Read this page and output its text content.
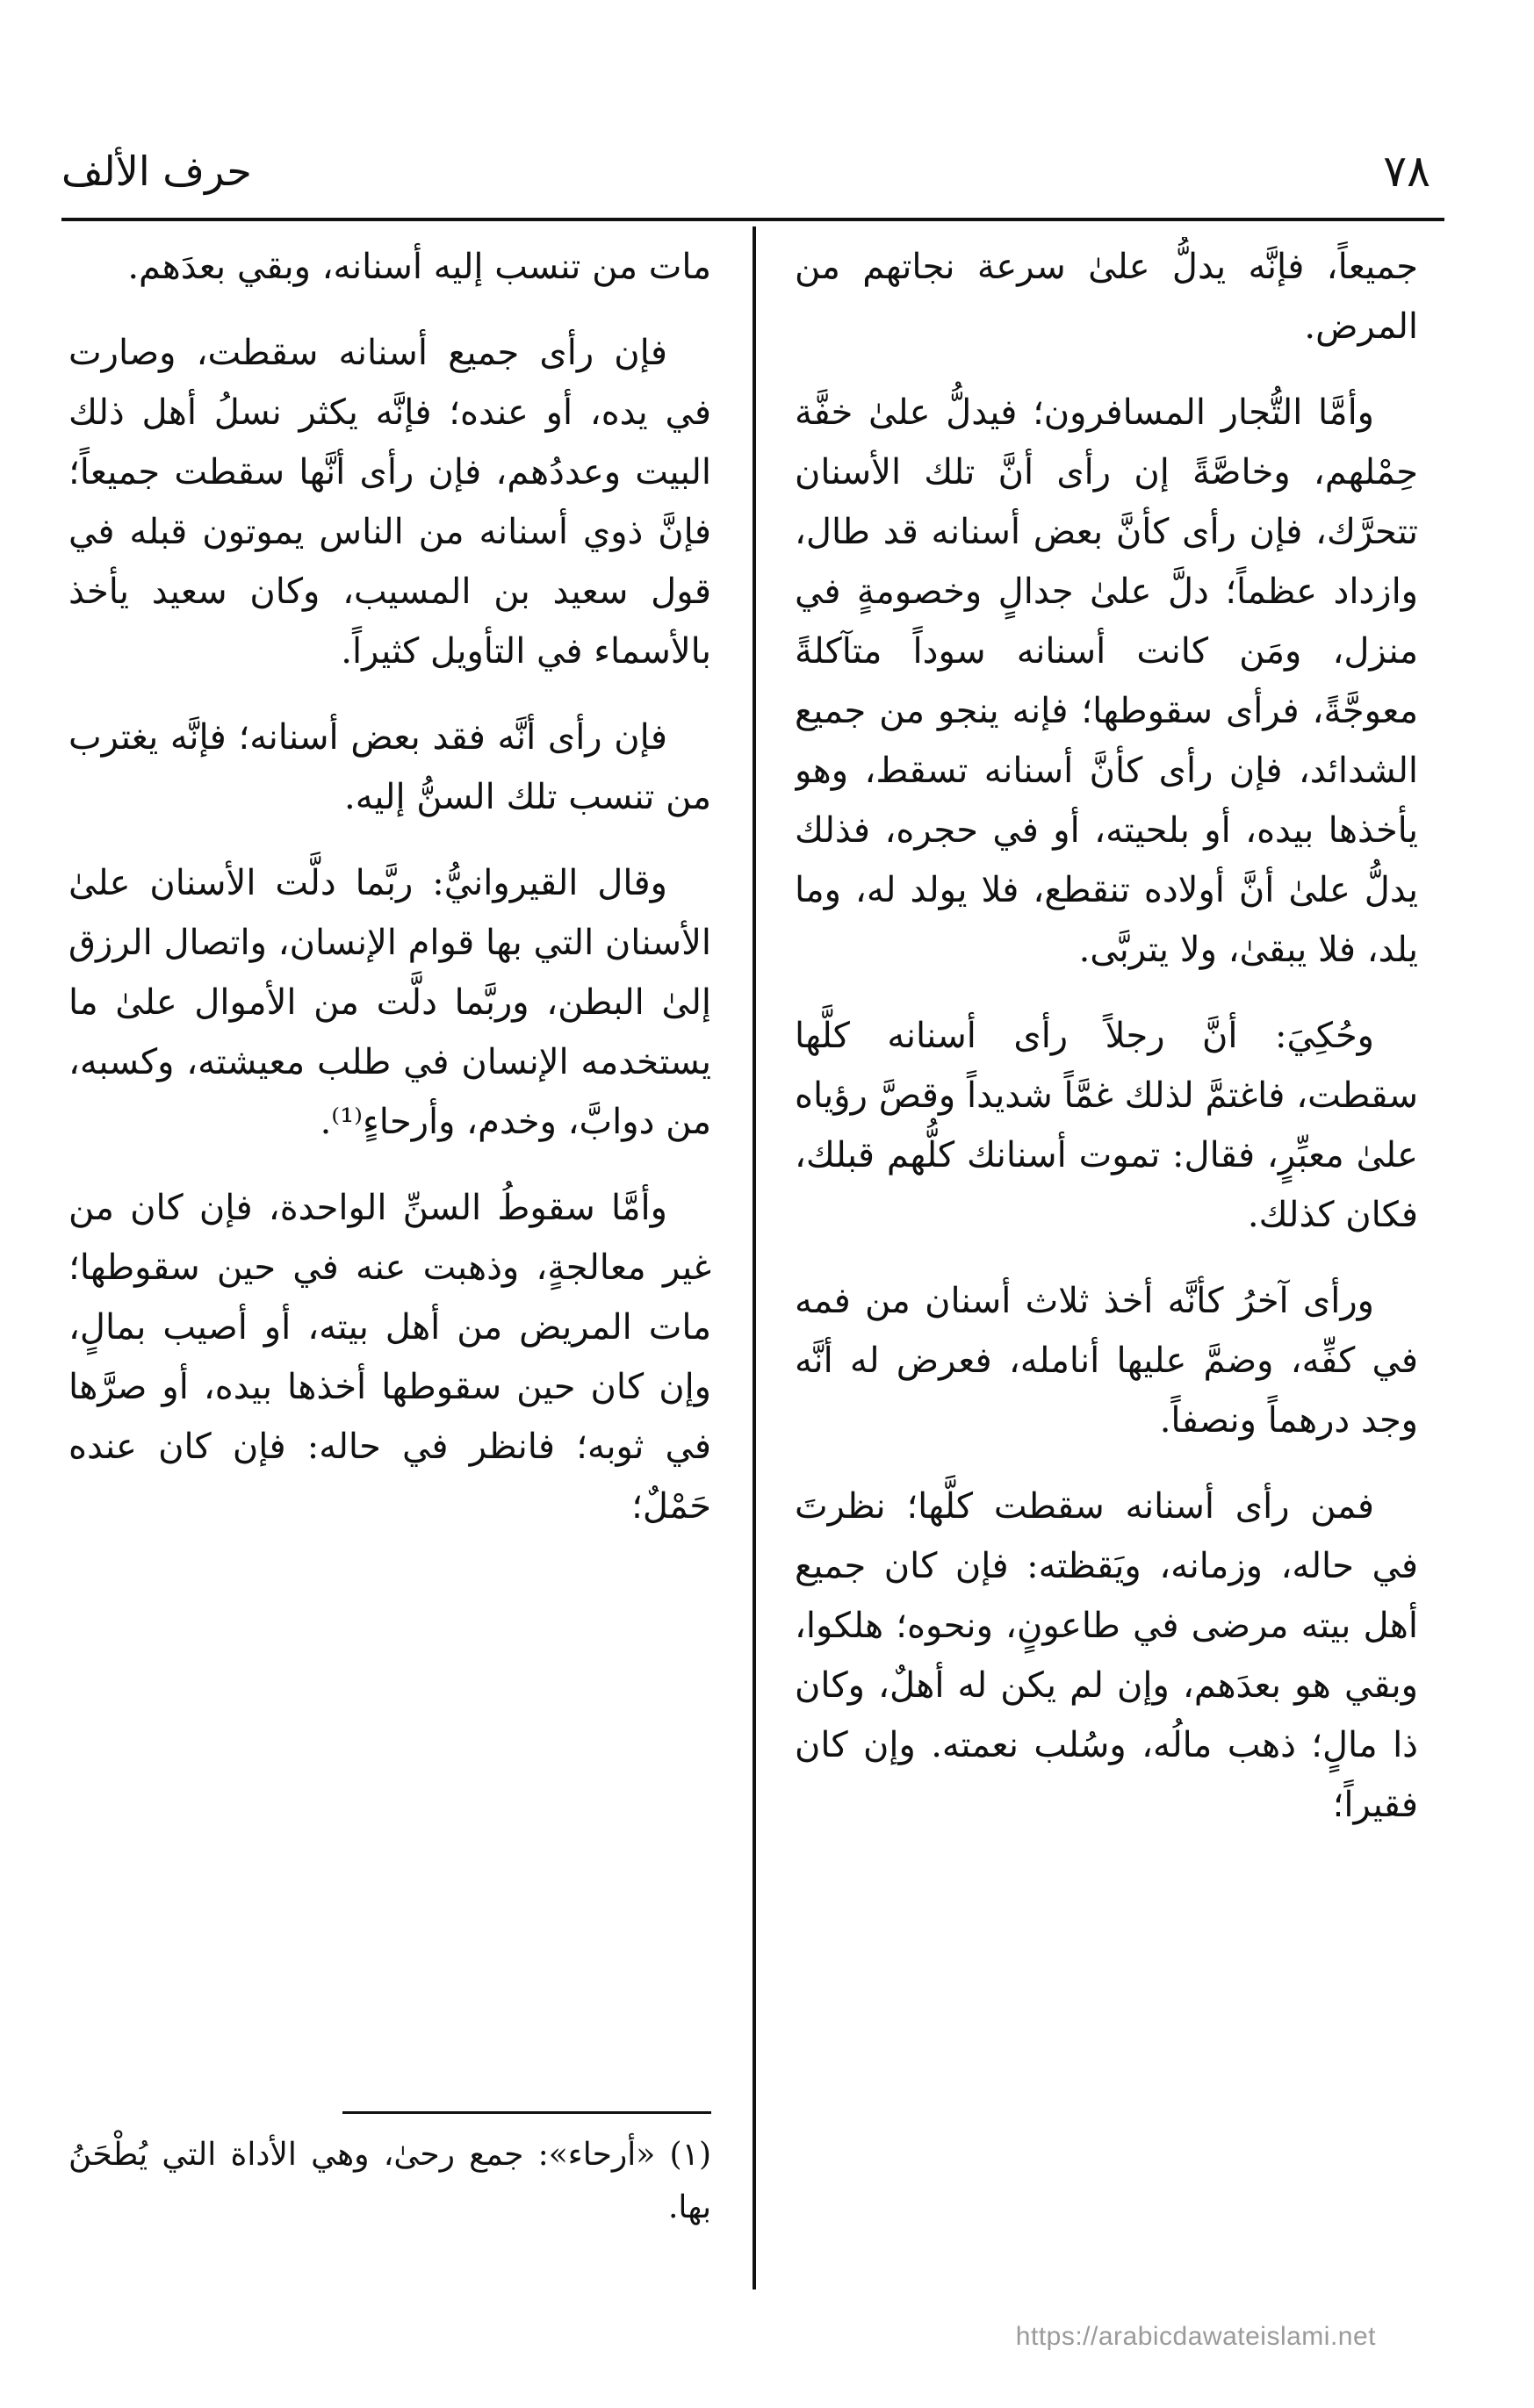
حرف الألف	٧٨

جميعاً، فإنَّه يدلُّ علىٰ سرعة نجاتهم من المرض.

وأمَّا التُّجار المسافرون؛ فيدلُّ علىٰ خفَّة حِمْلهم، وخاصَّةً إن رأى أنَّ تلك الأسنان تتحرَّك، فإن رأى كأنَّ بعض أسنانه قد طال، وازداد عظماً؛ دلَّ علىٰ جدالٍ وخصومةٍ في منزل، ومَن كانت أسنانه سوداً متآكلةً معوجَّةً، فرأى سقوطها؛ فإنه ينجو من جميع الشدائد، فإن رأى كأنَّ أسنانه تسقط، وهو يأخذها بيده، أو بلحيته، أو في حجره، فذلك يدلُّ علىٰ أنَّ أولاده تنقطع، فلا يولد له، وما يلد، فلا يبقىٰ، ولا يتربَّى.

وحُكِيَ: أنَّ رجلاً رأى أسنانه كلَّها سقطت، فاغتمَّ لذلك غمَّاً شديداً وقصَّ رؤياه علىٰ معبِّرٍ، فقال: تموت أسنانك كلُّهم قبلك، فكان كذلك.

ورأى آخرُ كأنَّه أخذ ثلاث أسنان من فمه في كفِّه، وضمَّ عليها أنامله، فعرض له أنَّه وجد درهماً ونصفاً.

فمن رأى أسنانه سقطت كلَّها؛ نظرتَ في حاله، وزمانه، ويَقظته: فإن كان جميع أهل بيته مرضى في طاعونٍ، ونحوه؛ هلكوا، وبقي هو بعدَهم، وإن لم يكن له أهلٌ، وكان ذا مالٍ؛ ذهب مالُه، وسُلب نعمته. وإن كان فقيراً؛

مات من تنسب إليه أسنانه، وبقي بعدَهم.

فإن رأى جميع أسنانه سقطت، وصارت في يده، أو عنده؛ فإنَّه يكثر نسلُ أهل ذلك البيت وعددُهم، فإن رأى أنَّها سقطت جميعاً؛ فإنَّ ذوي أسنانه من الناس يموتون قبله في قول سعيد بن المسيب، وكان سعيد يأخذ بالأسماء في التأويل كثيراً.

فإن رأى أنَّه فقد بعض أسنانه؛ فإنَّه يغترب من تنسب تلك السنُّ إليه.

وقال القيروانيُّ: ربَّما دلَّت الأسنان علىٰ الأسنان التي بها قوام الإنسان، واتصال الرزق إلىٰ البطن، وربَّما دلَّت من الأموال علىٰ ما يستخدمه الإنسان في طلب معيشته، وكسبه، من دوابَّ، وخدم، وأرحاءٍ⁽¹⁾.

وأمَّا سقوطُ السنِّ الواحدة، فإن كان من غير معالجةٍ، وذهبت عنه في حين سقوطها؛ مات المريض من أهل بيته، أو أصيب بمالٍ، وإن كان حين سقوطها أخذها بيده، أو صرَّها في ثوبه؛ فانظر في حاله: فإن كان عنده حَمْلٌ؛

(١) «أرحاء»: جمع رحىٰ، وهي الأداة التي يُطْحَنُ بها.
https://arabicdawateislami.net
